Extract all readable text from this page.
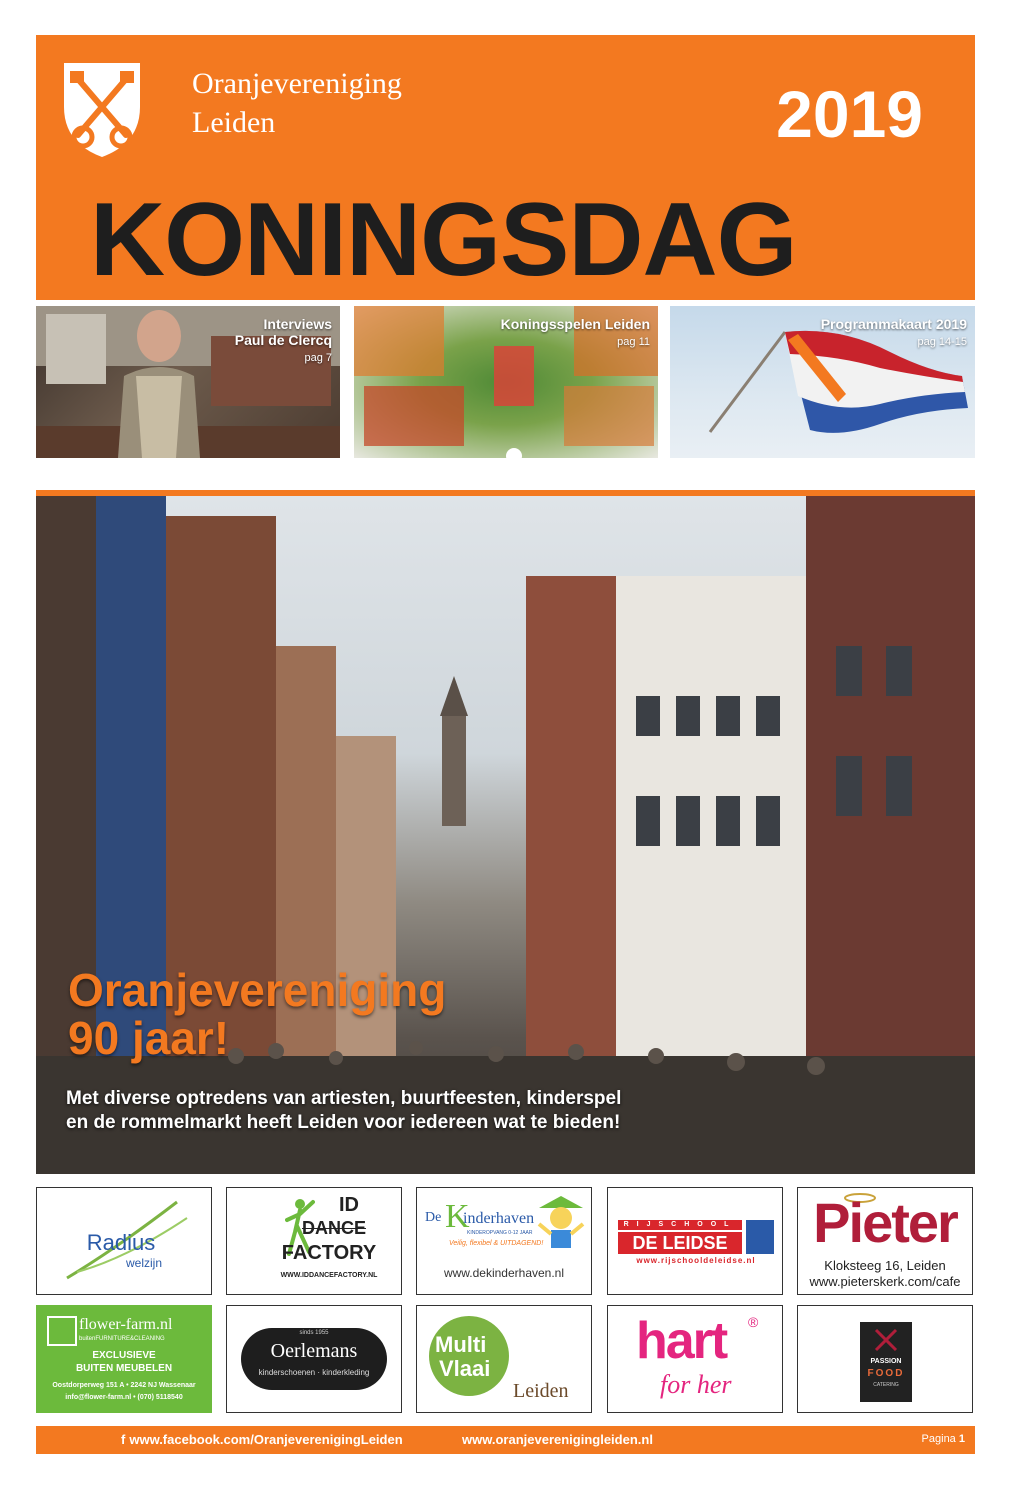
Oranjevereniging
Leiden	2019
KONINGSDAG
Interviews
Paul de Clercq
pag 7
Koningsspelen Leiden
pag 11
Programmakaart 2019
pag 14-15
Oranjevereniging
90 jaar!
Met diverse optredens van artiesten, buurtfeesten, kinderspel
en de rommelmarkt heeft Leiden voor iedereen wat te bieden!
Radius
welzijn
ID
DANCE
FACTORY
WWW.IDDANCEFACTORY.NL
De K
inderhaven
KINDEROPVANG 0-12 JAAR
Veilig, flexibel & UITDAGEND!
www.dekinderhaven.nl
RIJSCHOOL
DE LEIDSE
www.rijschooldeleidse.nl
Pieter
Kloksteeg 16, Leiden
www.pieterskerk.com/cafe
flower-farm.nl
buitenFURNITURE&CLEANING
EXCLUSIEVE
BUITEN MEUBELEN
Oostdorperweg 151 A • 2242 NJ Wassenaar
info@flower-farm.nl • (070) 5118540
sinds 1955
Oerlemans
kinderschoenen · kinderkleding
Multi
Vlaai
Leiden
hart ®
for her
PASSION
FOOD
CATERING
f www.facebook.com/OranjeverenigingLeiden	www.oranjeverenigingleiden.nl	Pagina 1
